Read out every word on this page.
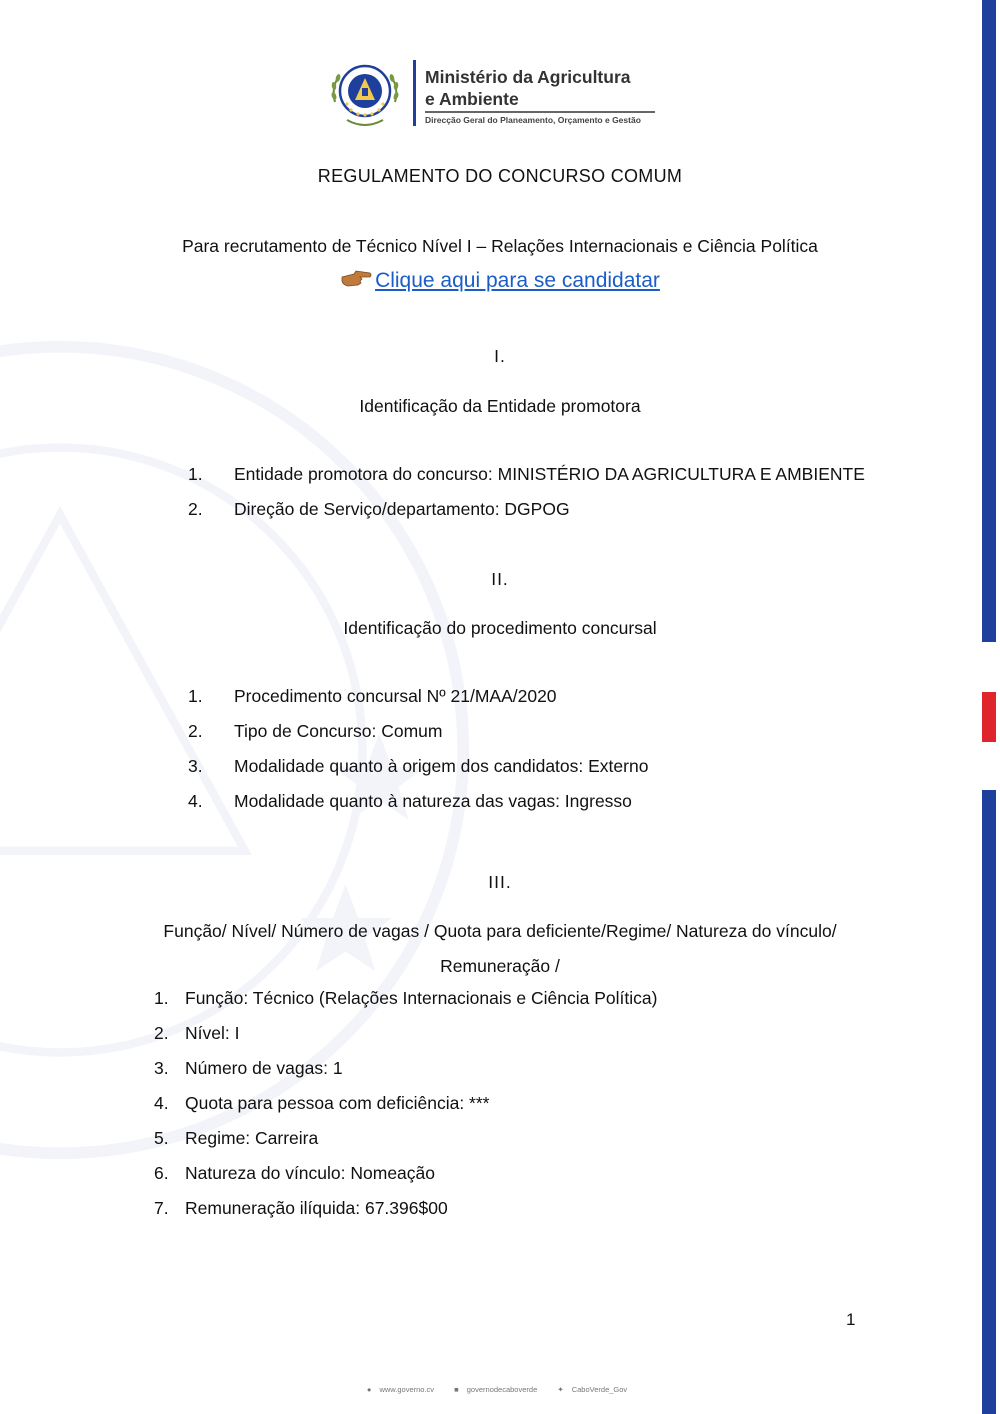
Ministério da Agricultura
e Ambiente
Direcção Geral do Planeamento, Orçamento e Gestão
REGULAMENTO DO CONCURSO COMUM
Para recrutamento de Técnico Nível I – Relações Internacionais e Ciência Política
Clique aqui para se candidatar
I.
Identificação da Entidade promotora
1. Entidade promotora do concurso: MINISTÉRIO DA AGRICULTURA E AMBIENTE
2. Direção de Serviço/departamento: DGPOG
II.
Identificação do procedimento concursal
1. Procedimento concursal Nº 21/MAA/2020
2. Tipo de Concurso: Comum
3. Modalidade quanto à origem dos candidatos: Externo
4. Modalidade quanto à natureza das vagas: Ingresso
III.
Função/ Nível/ Número de vagas / Quota para deficiente/Regime/ Natureza do vínculo/ Remuneração /
1. Função: Técnico (Relações Internacionais e Ciência Política)
2. Nível: I
3. Número de vagas: 1
4. Quota para pessoa com deficiência: ***
5. Regime: Carreira
6. Natureza do vínculo: Nomeação
7. Remuneração ilíquida: 67.396$00
1
● www.governo.cv	■ governodecaboverde	✦ CaboVerde_Gov
